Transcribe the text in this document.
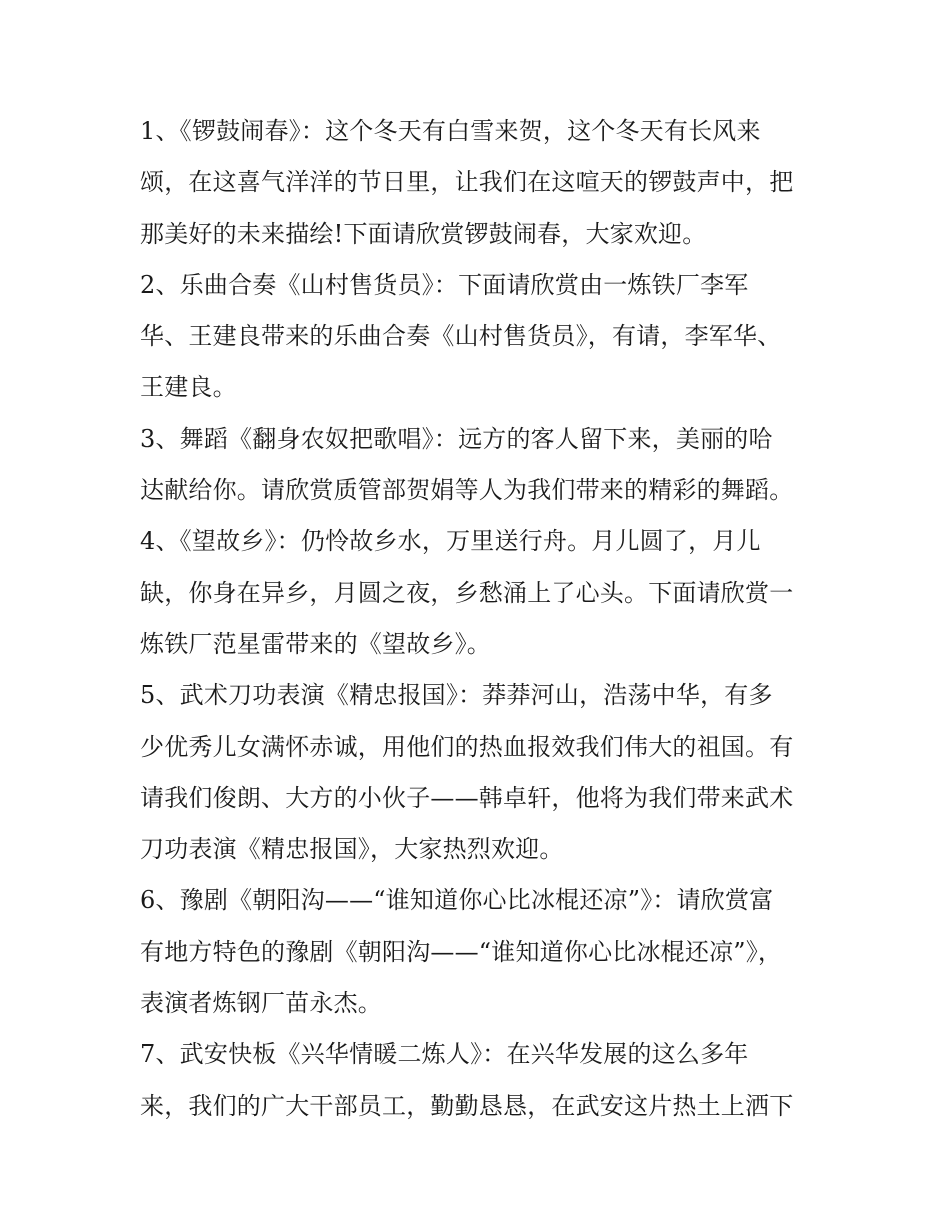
1、《锣鼓闹春》：这个冬天有白雪来贺，这个冬天有长风来
颂，在这喜气洋洋的节日里，让我们在这喧天的锣鼓声中，把
那美好的未来描绘!下面请欣赏锣鼓闹春，大家欢迎。
2、乐曲合奏《山村售货员》：下面请欣赏由一炼铁厂李军
华、王建良带来的乐曲合奏《山村售货员》，有请，李军华、
王建良。
3、舞蹈《翻身农奴把歌唱》：远方的客人留下来，美丽的哈
达献给你。请欣赏质管部贺娟等人为我们带来的精彩的舞蹈。
4、《望故乡》：仍怜故乡水，万里送行舟。月儿圆了，月儿
缺，你身在异乡，月圆之夜，乡愁涌上了心头。下面请欣赏一
炼铁厂范星雷带来的《望故乡》。
5、武术刀功表演《精忠报国》：莽莽河山，浩荡中华，有多
少优秀儿女满怀赤诚，用他们的热血报效我们伟大的祖国。有
请我们俊朗、大方的小伙子——韩卓轩，他将为我们带来武术
刀功表演《精忠报国》，大家热烈欢迎。
6、豫剧《朝阳沟——“谁知道你心比冰棍还凉”》：请欣赏富
有地方特色的豫剧《朝阳沟——“谁知道你心比冰棍还凉”》，
表演者炼钢厂苗永杰。
7、武安快板《兴华情暖二炼人》：在兴华发展的这么多年
来，我们的广大干部员工，勤勤恳恳，在武安这片热土上洒下
